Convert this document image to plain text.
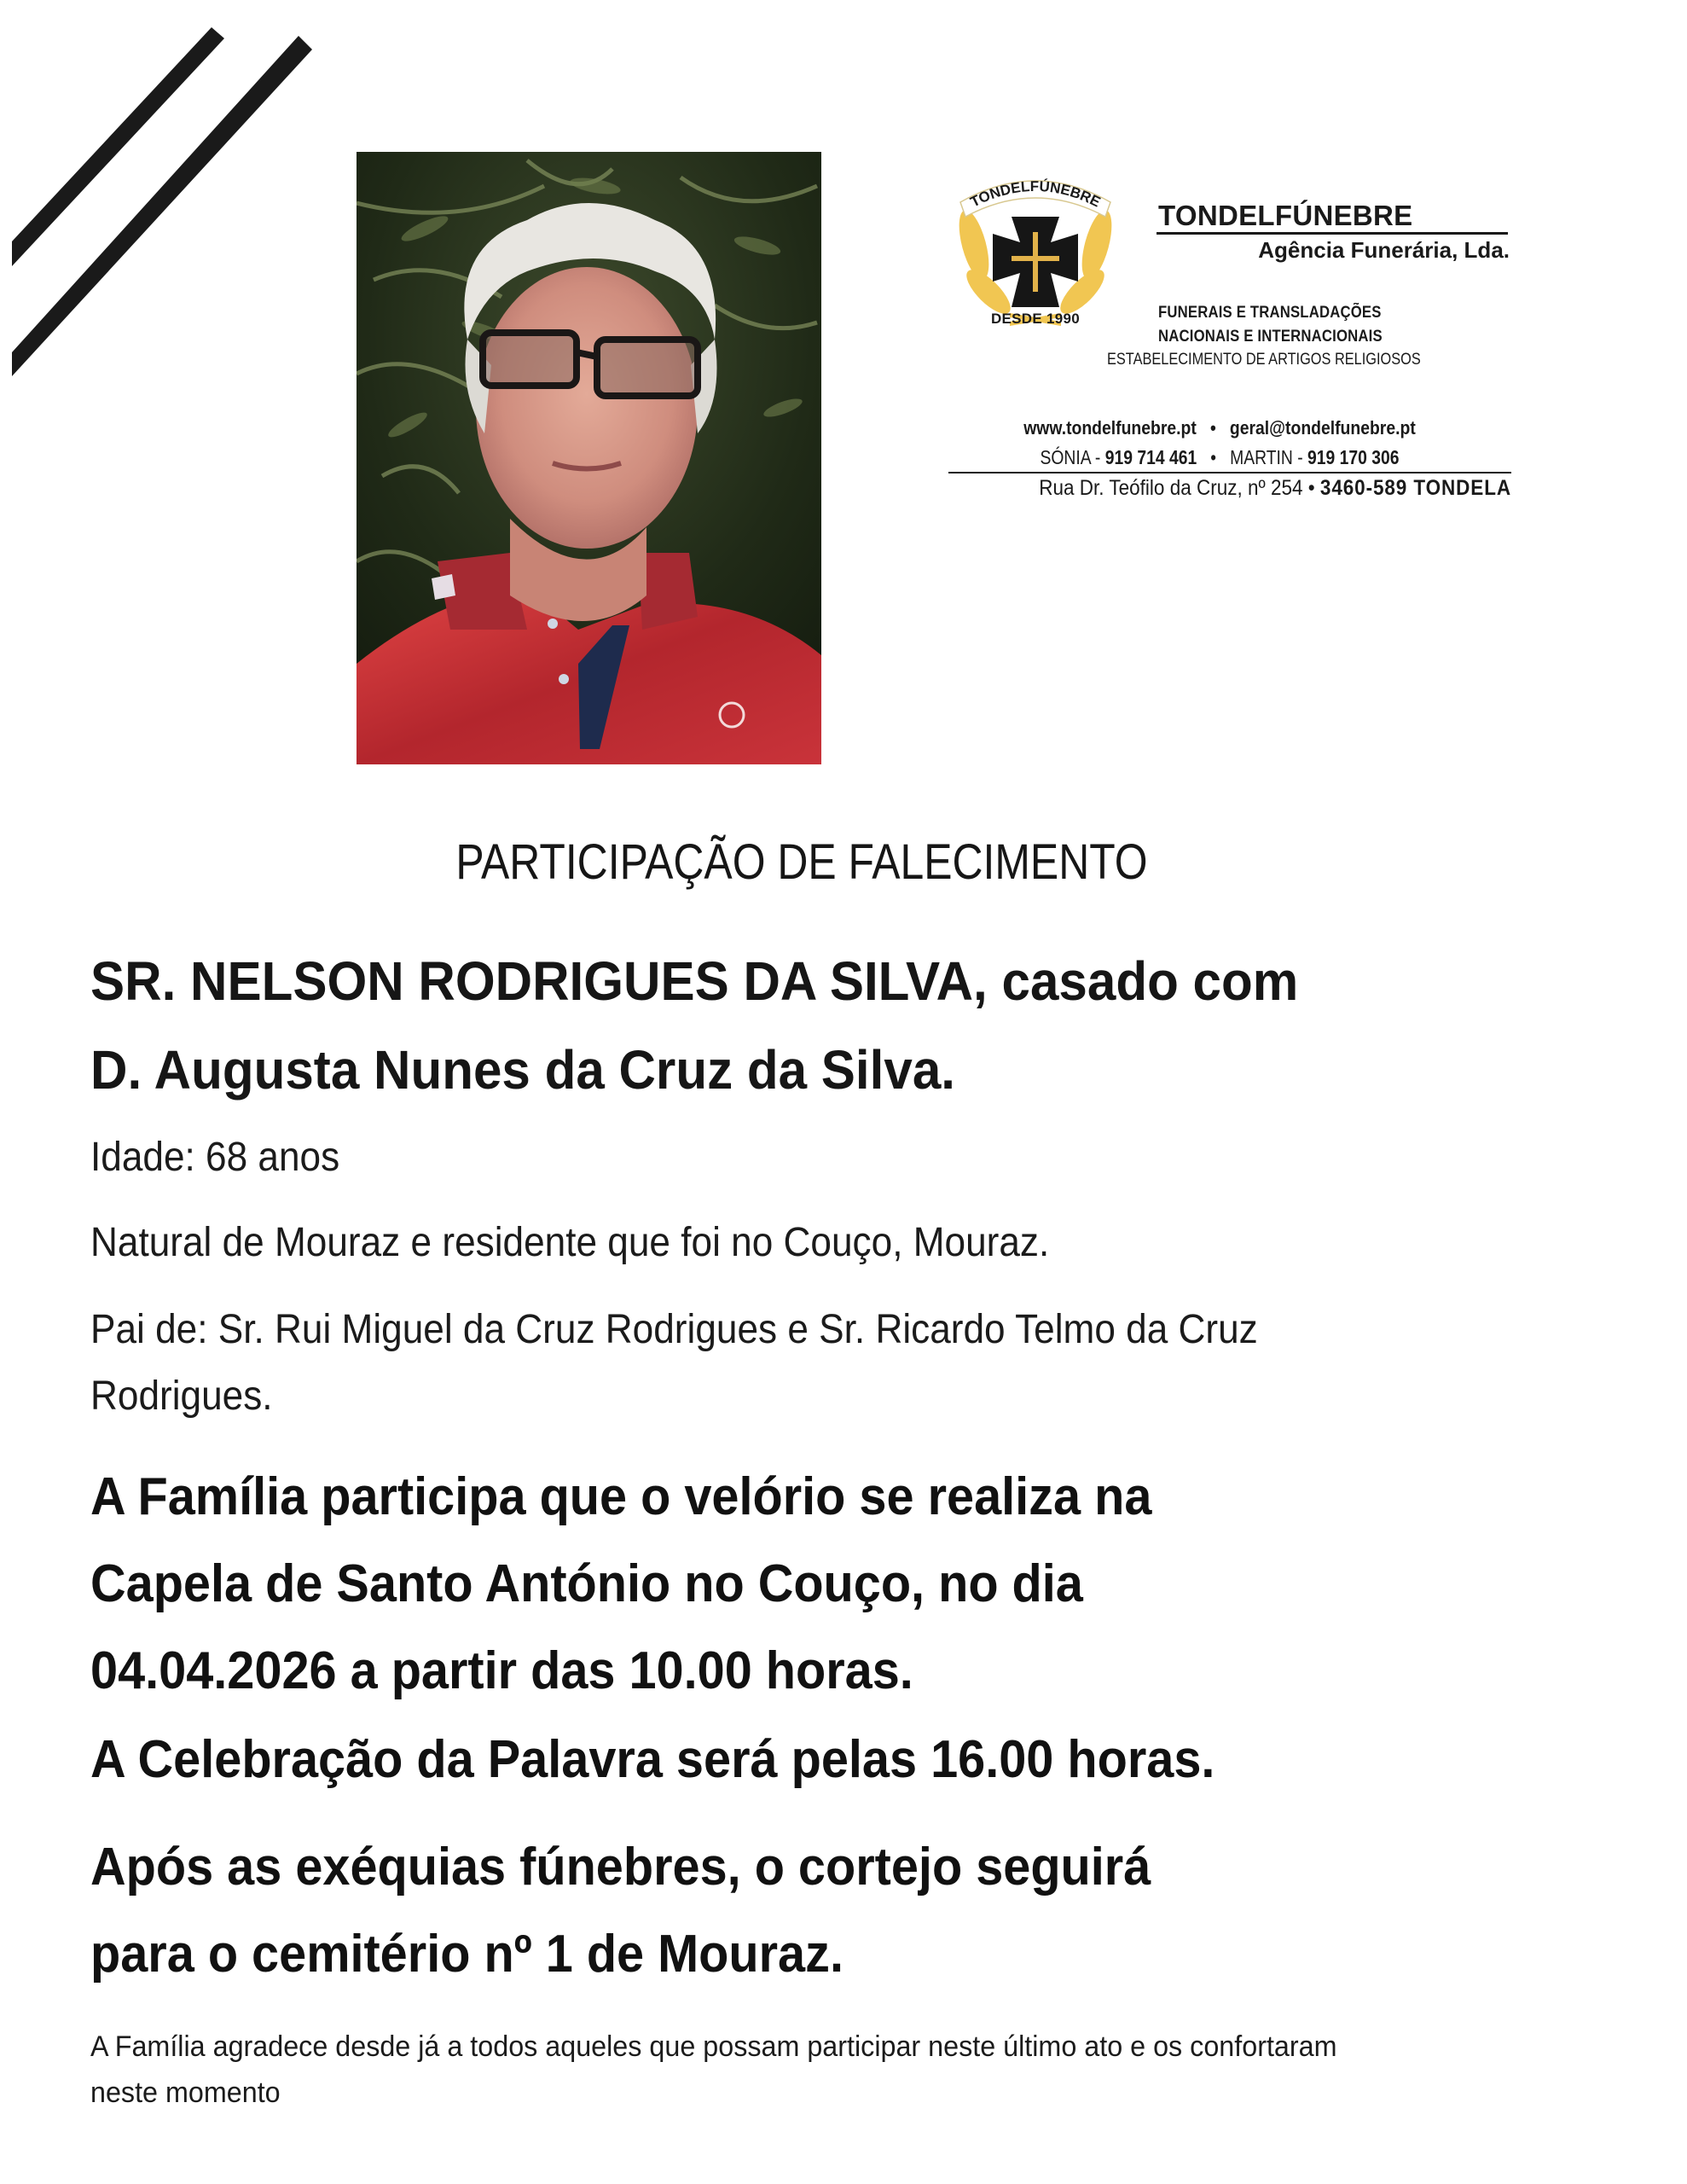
TONDELFÚNEBRE
DESDE 1990
TONDELFÚNEBRE
Agência Funerária, Lda.
FUNERAIS E TRANSLADAÇÕES
NACIONAIS E INTERNACIONAIS
ESTABELECIMENTO DE ARTIGOS RELIGIOSOS
www.tondelfunebre.pt • geral@tondelfunebre.pt
SÓNIA - 919 714 461 • MARTIN - 919 170 306
Rua Dr. Teófilo da Cruz, nº 254 • 3460-589 TONDELA
PARTICIPAÇÃO DE FALECIMENTO
SR. NELSON RODRIGUES DA SILVA, casado com
D. Augusta Nunes da Cruz da Silva.
Idade: 68 anos
Natural de Mouraz e residente que foi no Couço, Mouraz.
Pai de: Sr. Rui Miguel da Cruz Rodrigues e Sr. Ricardo Telmo da Cruz
Rodrigues.
A Família participa que o velório se realiza na
Capela de Santo António no Couço, no dia
04.04.2026 a partir das 10.00 horas.
A Celebração da Palavra será pelas 16.00 horas.
Após as exéquias fúnebres, o cortejo seguirá
para o cemitério nº 1 de Mouraz.
A Família agradece desde já a todos aqueles que possam participar neste último ato e os confortaram
neste momento
